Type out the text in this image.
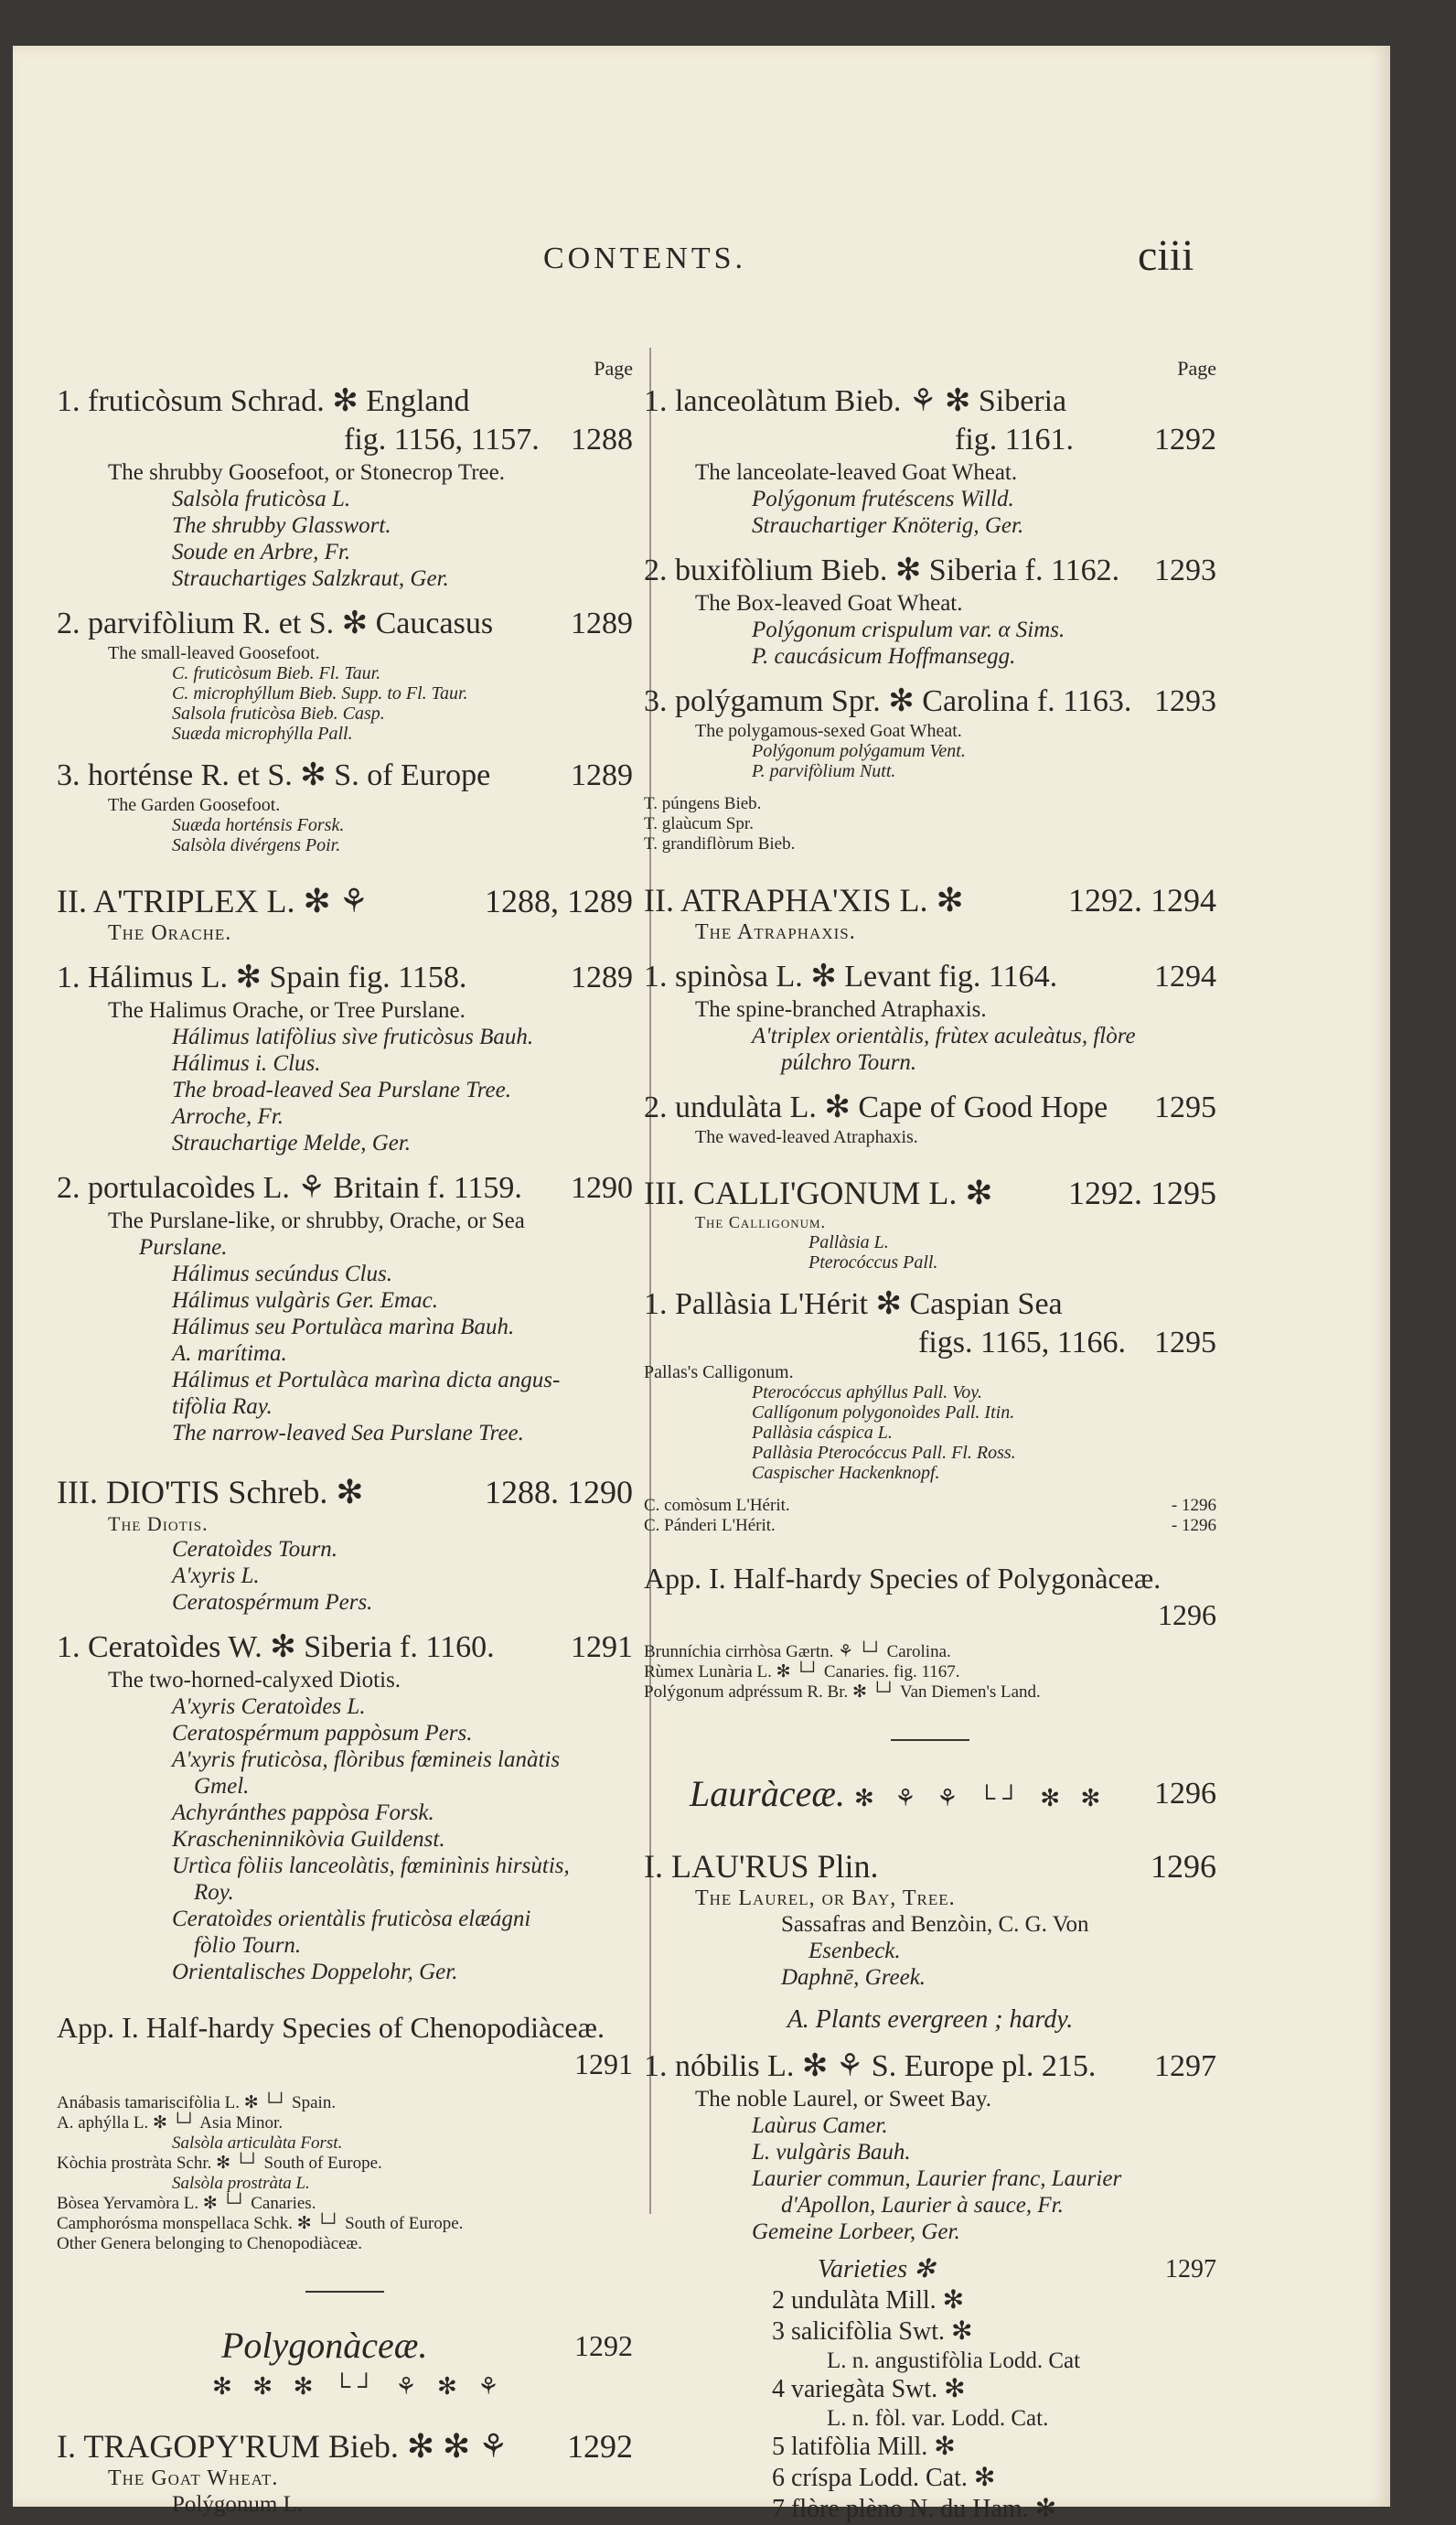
CONTENTS.	ciii
Page
1. fruticòsum Schrad. ✻ England
1288
fig. 1156, 1157.
The shrubby Goosefoot, or Stonecrop Tree.
Salsòla fruticòsa L.
The shrubby Glasswort.
Soude en Arbre, Fr.
Strauchartiges Salzkraut, Ger.
1289
2. parvifòlium R. et S. ✻ Caucasus
The small-leaved Goosefoot.
C. fruticòsum Bieb. Fl. Taur.
C. microphýllum Bieb. Supp. to Fl. Taur.
Salsola fruticòsa Bieb. Casp.
Suæda microphýlla Pall.
1289
3. horténse R. et S. ✻ S. of Europe
The Garden Goosefoot.
Suæda horténsis Forsk.
Salsòla divérgens Poir.
1288, 1289
II. A'TRIPLEX L. ✻ ⚘
The Orache.
1289
1. Hálimus L. ✻ Spain fig. 1158.
The Halimus Orache, or Tree Purslane.
Hálimus latifòlius sìve fruticòsus Bauh.
Hálimus i. Clus.
The broad-leaved Sea Purslane Tree.
Arroche, Fr.
Strauchartige Melde, Ger.
1290
2. portulacoìdes L. ⚘ Britain f. 1159.
The Purslane-like, or shrubby, Orache, or Sea
Purslane.
Hálimus secúndus Clus.
Hálimus vulgàris Ger. Emac.
Hálimus seu Portulàca marìna Bauh.
A. marítima.
Hálimus et Portulàca marìna dicta angus-
tifòlia Ray.
The narrow-leaved Sea Purslane Tree.
1288. 1290
III. DIO'TIS Schreb. ✻
The Diotis.
Ceratoìdes Tourn.
A'xyris L.
Ceratospérmum Pers.
1291
1. Ceratoìdes W. ✻ Siberia f. 1160.
The two-horned-calyxed Diotis.
A'xyris Ceratoìdes L.
Ceratospérmum pappòsum Pers.
A'xyris fruticòsa, flòribus fœmineis lanàtis
Gmel.
Achyránthes pappòsa Forsk.
Krascheninnikòvia Guildenst.
Urtìca fòliis lanceolàtis, fœminìnis hirsùtis,
Roy.
Ceratoìdes orientàlis fruticòsa elæágni
fòlio Tourn.
Orientalisches Doppelohr, Ger.
App. I. Half-hardy Species of Chenopodiàceæ.
1291
Anábasis tamariscifòlia L. ✻ └┘ Spain.
A. aphýlla L. ✻ └┘ Asia Minor.
Salsòla articulàta Forst.
Kòchia prostràta Schr. ✻ └┘ South of Europe.
Salsòla prostràta L.
Bòsea Yervamòra L. ✻ └┘ Canaries.
Camphorósma monspellaca Schk. ✻ └┘ South of Europe.
Other Genera belonging to Chenopodiàceæ.
1292
Polygonàceæ.
✻ ✻ ✻ └┘ ⚘ ✻ ⚘
1292
I. TRAGOPY'RUM Bieb. ✻ ✻ ⚘
The Goat Wheat.
Polýgonum L.
Page
1. lanceolàtum Bieb. ⚘ ✻ Siberia
1292
fig. 1161.
The lanceolate-leaved Goat Wheat.
Polýgonum frutéscens Willd.
Strauchartiger Knöterig, Ger.
1293
2. buxifòlium Bieb. ✻ Siberia f. 1162.
The Box-leaved Goat Wheat.
Polýgonum crispulum var. α Sims.
P. caucásicum Hoffmansegg.
1293
3. polýgamum Spr. ✻ Carolina f. 1163.
The polygamous-sexed Goat Wheat.
Polýgonum polýgamum Vent.
P. parvifòlium Nutt.
T. púngens Bieb.
T. glaùcum Spr.
T. grandiflòrum Bieb.
1292. 1294
II. ATRAPHA'XIS L. ✻
The Atraphaxis.
1294
1. spinòsa L. ✻ Levant fig. 1164.
The spine-branched Atraphaxis.
A'triplex orientàlis, frùtex aculeàtus, flòre
púlchro Tourn.
1295
2. undulàta L. ✻ Cape of Good Hope
The waved-leaved Atraphaxis.
1292. 1295
III. CALLI'GONUM L. ✻
The Calligonum.
Pallàsia L.
Pterocóccus Pall.
1. Pallàsia L'Hérit ✻ Caspian Sea
1295
figs. 1165, 1166.
Pallas's Calligonum.
Pterocóccus aphýllus Pall. Voy.
Callígonum polygonoìdes Pall. Itin.
Pallàsia cáspica L.
Pallàsia Pterocóccus Pall. Fl. Ross.
Caspischer Hackenknopf.
- 1296
C. comòsum L'Hérit.
- 1296
C. Pánderi L'Hérit.
App. I. Half-hardy Species of Polygonàceæ.
1296
Brunníchia cirrhòsa Gærtn. ⚘ └┘ Carolina.
Rùmex Lunària L. ✻ └┘ Canaries. fig. 1167.
Polýgonum adpréssum R. Br. ✻ └┘ Van Diemen's Land.
1296
Lauràceæ. ✻ ⚘ ⚘ └┘ ✻ ✻
1296
I. LAU'RUS Plin.
The Laurel, or Bay, Tree.
Sassafras and Benzòin, C. G. Von
Esenbeck.
Daphnē, Greek.
A. Plants evergreen ; hardy.
1297
1. nóbilis L. ✻ ⚘ S. Europe pl. 215.
The noble Laurel, or Sweet Bay.
Laùrus Camer.
L. vulgàris Bauh.
Laurier commun, Laurier franc, Laurier
d'Apollon, Laurier à sauce, Fr.
Gemeine Lorbeer, Ger.
1297
Varieties ✻
2 undulàta Mill. ✻
3 salicifòlia Swt. ✻
L. n. angustifòlia Lodd. Cat
4 variegàta Swt. ✻
L. n. fòl. var. Lodd. Cat.
5 latifòlia Mill. ✻
6 críspa Lodd. Cat. ✻
7 flòre plèno N. du Ham. ✻
